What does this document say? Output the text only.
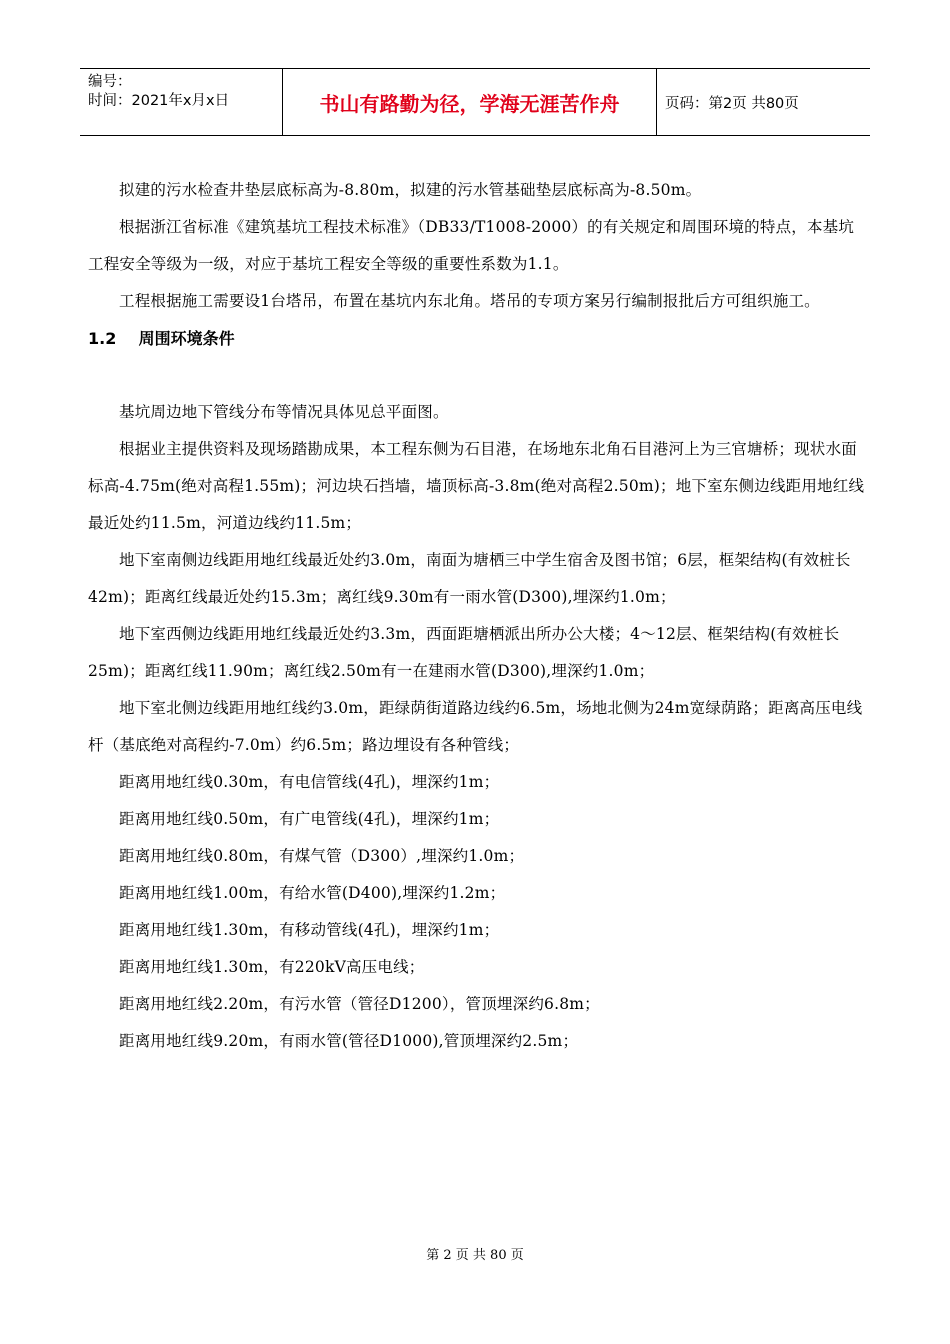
编号：
时间：2021年x月x日	书山有路勤为径，学海无涯苦作舟	页码：第2页 共80页

拟建的污水检查井垫层底标高为-8.80m，拟建的污水管基础垫层底标高为-8.50m。

根据浙江省标准《建筑基坑工程技术标准》（DB33/T1008-2000）的有关规定和周围环境的特点，本基坑工程安全等级为一级，对应于基坑工程安全等级的重要性系数为1.1。

工程根据施工需要设1台塔吊，布置在基坑内东北角。塔吊的专项方案另行编制报批后方可组织施工。

1.2 周围环境条件

基坑周边地下管线分布等情况具体见总平面图。

根据业主提供资料及现场踏勘成果，本工程东侧为石目港，在场地东北角石目港河上为三官塘桥；现状水面标高-4.75m(绝对高程1.55m)；河边块石挡墙，墙顶标高-3.8m(绝对高程2.50m)；地下室东侧边线距用地红线最近处约11.5m，河道边线约11.5m；

地下室南侧边线距用地红线最近处约3.0m，南面为塘栖三中学生宿舍及图书馆；6层，框架结构(有效桩长42m)；距离红线最近处约15.3m；离红线9.30m有一雨水管(D300),埋深约1.0m；

地下室西侧边线距用地红线最近处约3.3m，西面距塘栖派出所办公大楼；4～12层、框架结构(有效桩长25m)；距离红线11.90m；离红线2.50m有一在建雨水管(D300),埋深约1.0m；

地下室北侧边线距用地红线约3.0m，距绿荫街道路边线约6.5m，场地北侧为24m宽绿荫路；距离高压电线杆（基底绝对高程约-7.0m）约6.5m；路边埋设有各种管线；

距离用地红线0.30m，有电信管线(4孔)，埋深约1m；

距离用地红线0.50m，有广电管线(4孔)，埋深约1m；

距离用地红线0.80m，有煤气管（D300）,埋深约1.0m；

距离用地红线1.00m，有给水管(D400),埋深约1.2m；

距离用地红线1.30m，有移动管线(4孔)，埋深约1m；

距离用地红线1.30m，有220kV高压电线；

距离用地红线2.20m，有污水管（管径D1200），管顶埋深约6.8m；

距离用地红线9.20m，有雨水管(管径D1000),管顶埋深约2.5m；

第 2 页 共 80 页
